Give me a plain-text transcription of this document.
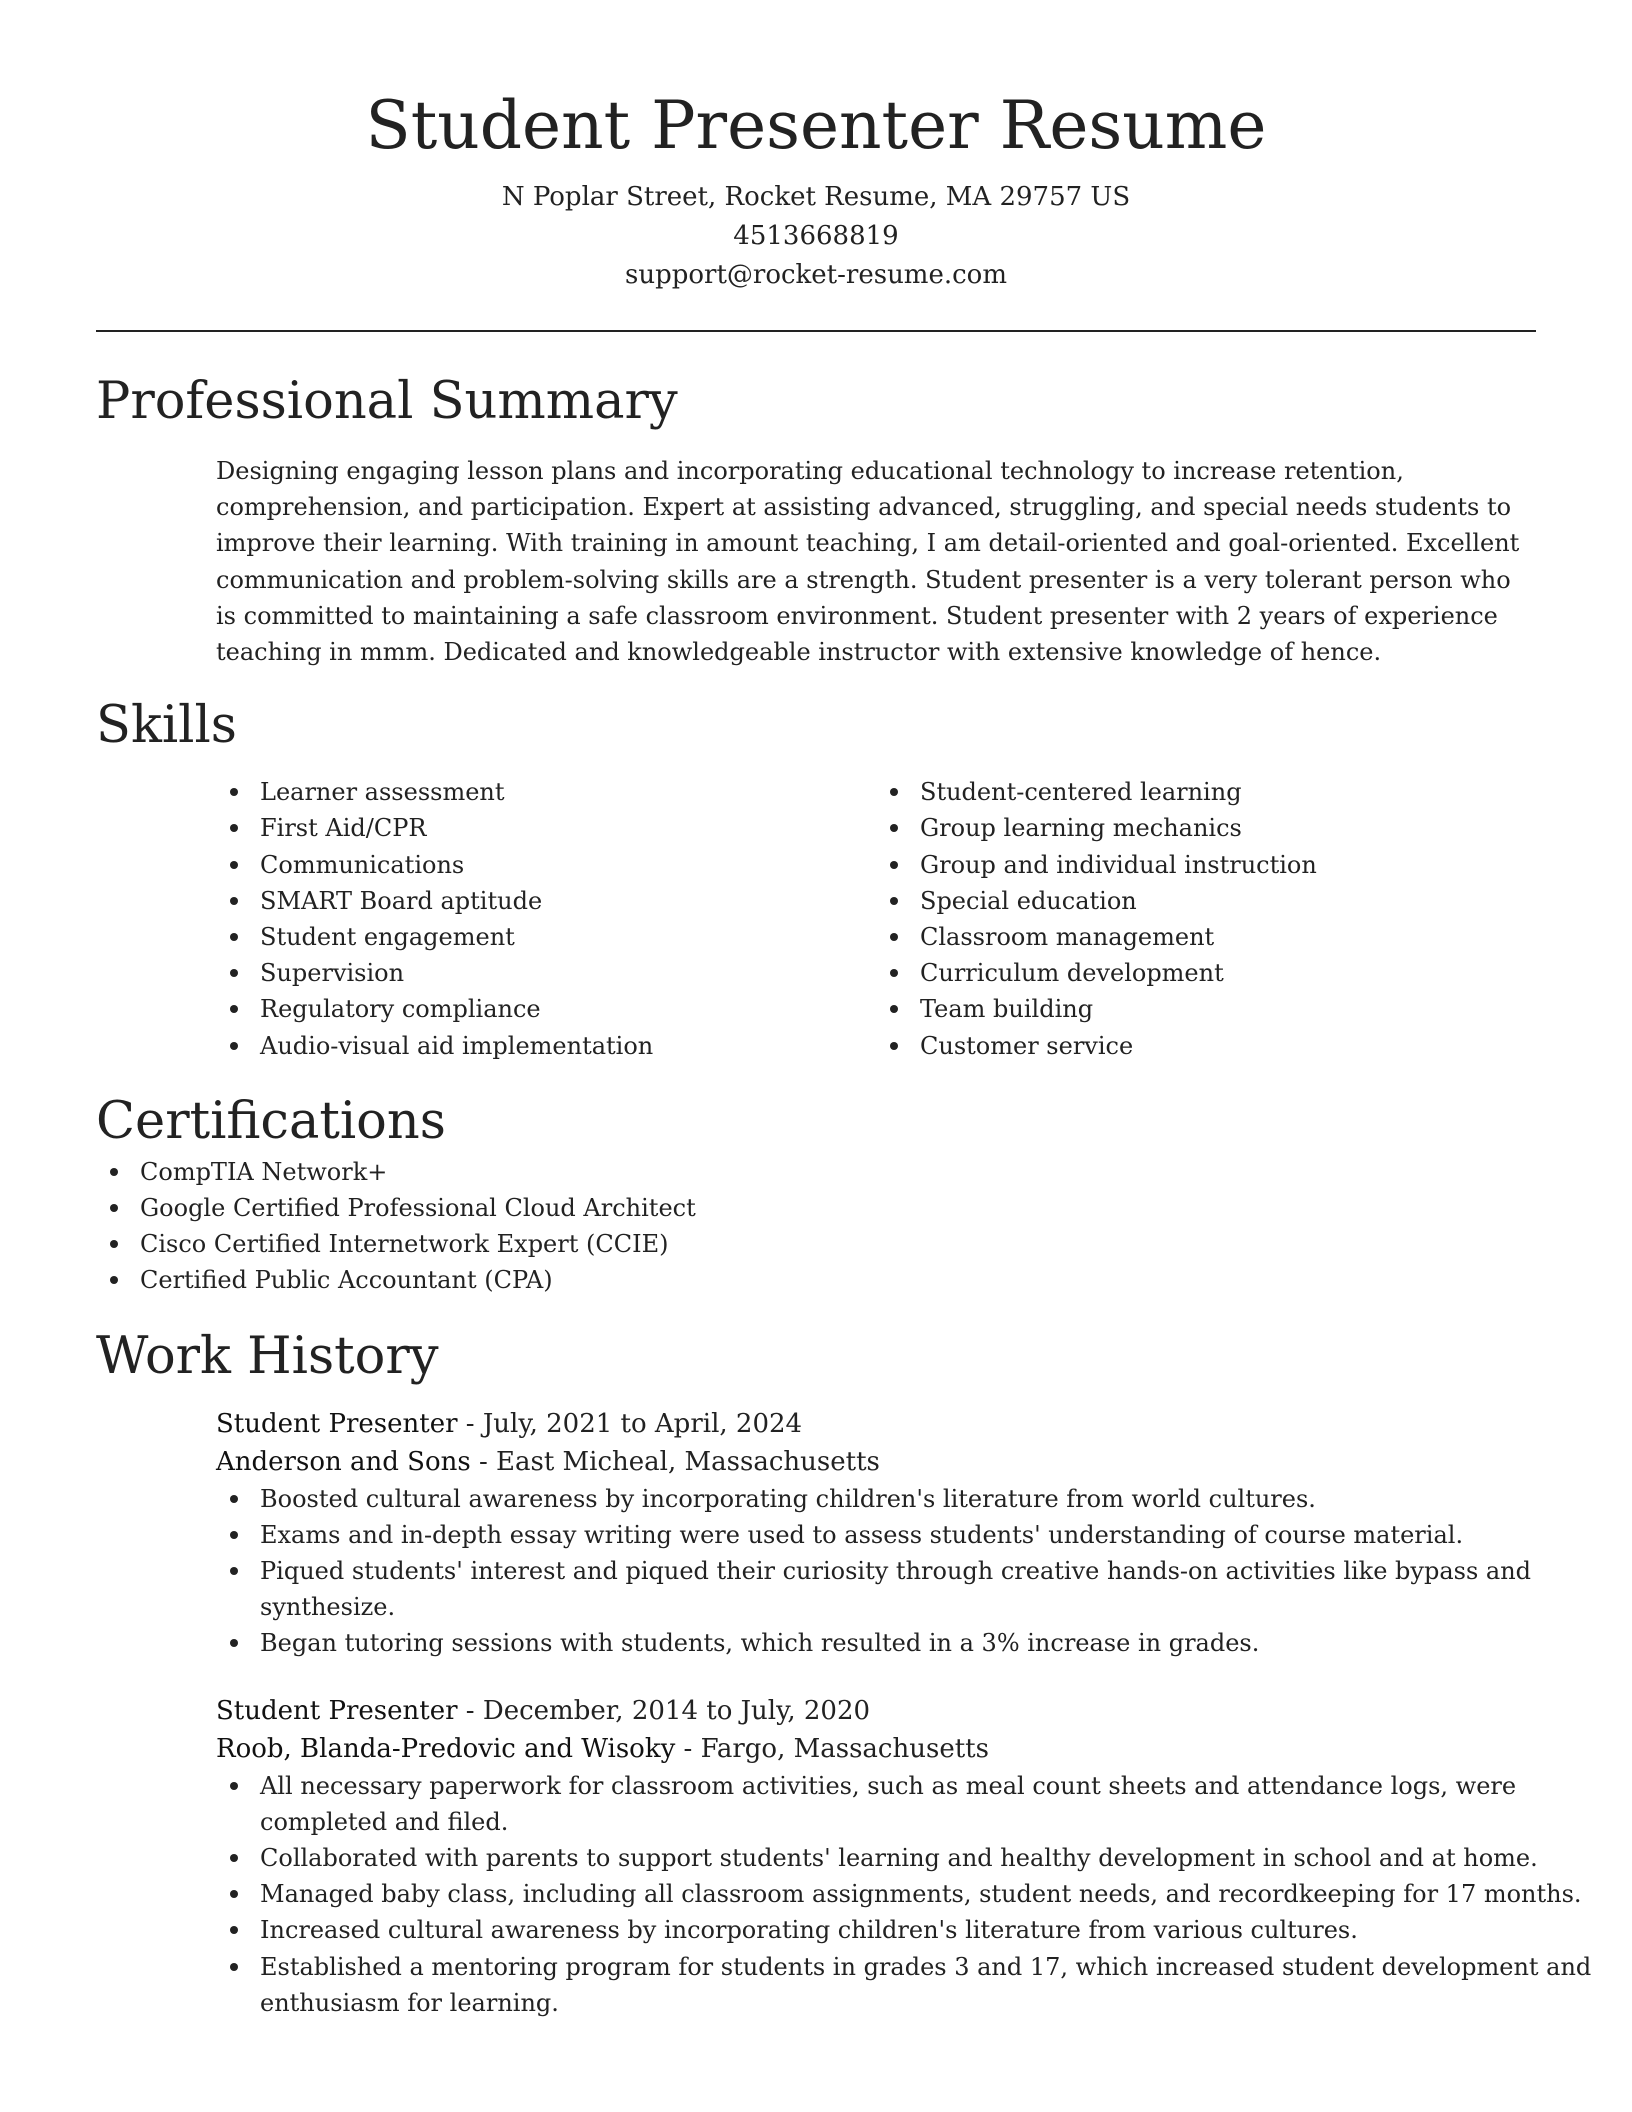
Student Presenter Resume
N Poplar Street, Rocket Resume, MA 29757 US
4513668819
support@rocket-resume.com
Professional Summary
Designing engaging lesson plans and incorporating educational technology to increase retention, comprehension, and participation. Expert at assisting advanced, struggling, and special needs students to improve their learning. With training in amount teaching, I am detail-oriented and goal-oriented. Excellent communication and problem-solving skills are a strength. Student presenter is a very tolerant person who is committed to maintaining a safe classroom environment. Student presenter with 2 years of experience teaching in mmm. Dedicated and knowledgeable instructor with extensive knowledge of hence.
Skills
Learner assessment
First Aid/CPR
Communications
SMART Board aptitude
Student engagement
Supervision
Regulatory compliance
Audio-visual aid implementation
Student-centered learning
Group learning mechanics
Group and individual instruction
Special education
Classroom management
Curriculum development
Team building
Customer service
Certifications
CompTIA Network+
Google Certified Professional Cloud Architect
Cisco Certified Internetwork Expert (CCIE)
Certified Public Accountant (CPA)
Work History
Student Presenter - July, 2021 to April, 2024
Anderson and Sons - East Micheal, Massachusetts
Boosted cultural awareness by incorporating children's literature from world cultures.
Exams and in-depth essay writing were used to assess students' understanding of course material.
Piqued students' interest and piqued their curiosity through creative hands-on activities like bypass and synthesize.
Began tutoring sessions with students, which resulted in a 3% increase in grades.
Student Presenter - December, 2014 to July, 2020
Roob, Blanda-Predovic and Wisoky - Fargo, Massachusetts
All necessary paperwork for classroom activities, such as meal count sheets and attendance logs, were completed and filed.
Collaborated with parents to support students' learning and healthy development in school and at home.
Managed baby class, including all classroom assignments, student needs, and recordkeeping for 17 months.
Increased cultural awareness by incorporating children's literature from various cultures.
Established a mentoring program for students in grades 3 and 17, which increased student development and enthusiasm for learning.
